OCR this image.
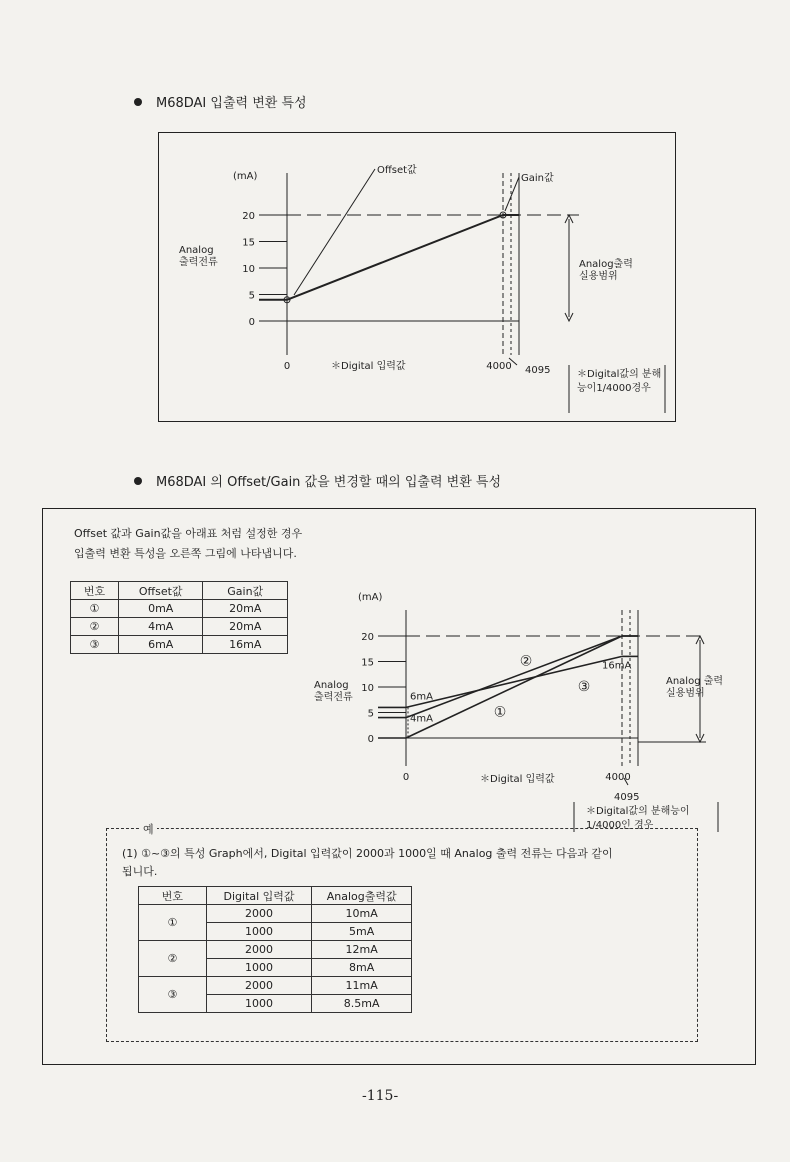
M68DAI 입출력 변환 특성
(mA)
Analog 출력전류
20
15
10
5
0
Offset값
Gain값
Analog출력 실용범위
0	4000
＊Digital 입력값	4095	＊Digital값의 분해 능이1/4000경우
M68DAI 의 Offset/Gain 값을 변경할 때의 입출력 변환 특성
Offset 값과 Gain값을 아래표 처럼 설정한 경우
입출력 변환 특성을 오른쪽 그림에 나타냅니다.
번호	Offset값	Gain값
①	0mA	20mA
②	4mA	20mA
③	6mA	16mA
(mA)
Analog 출력전류
20
15
10
5
0
6mA
4mA
16mA
①
②
③	Analog 출력 실용범위
0	4000
＊Digital 입력값
4095
＊Digital값의 분해능이 1/4000인 경우
예
(1) ①~③의 특성 Graph에서, Digital 입력값이 2000과 1000일 때 Analog 출력 전류는 다음과 같이
됩니다.
번호	Digital 입력값	Analog출력값
①	2000	10mA
	1000	5mA
②	2000	12mA
	1000	8mA
③	2000	11mA
	1000	8.5mA
-115-
